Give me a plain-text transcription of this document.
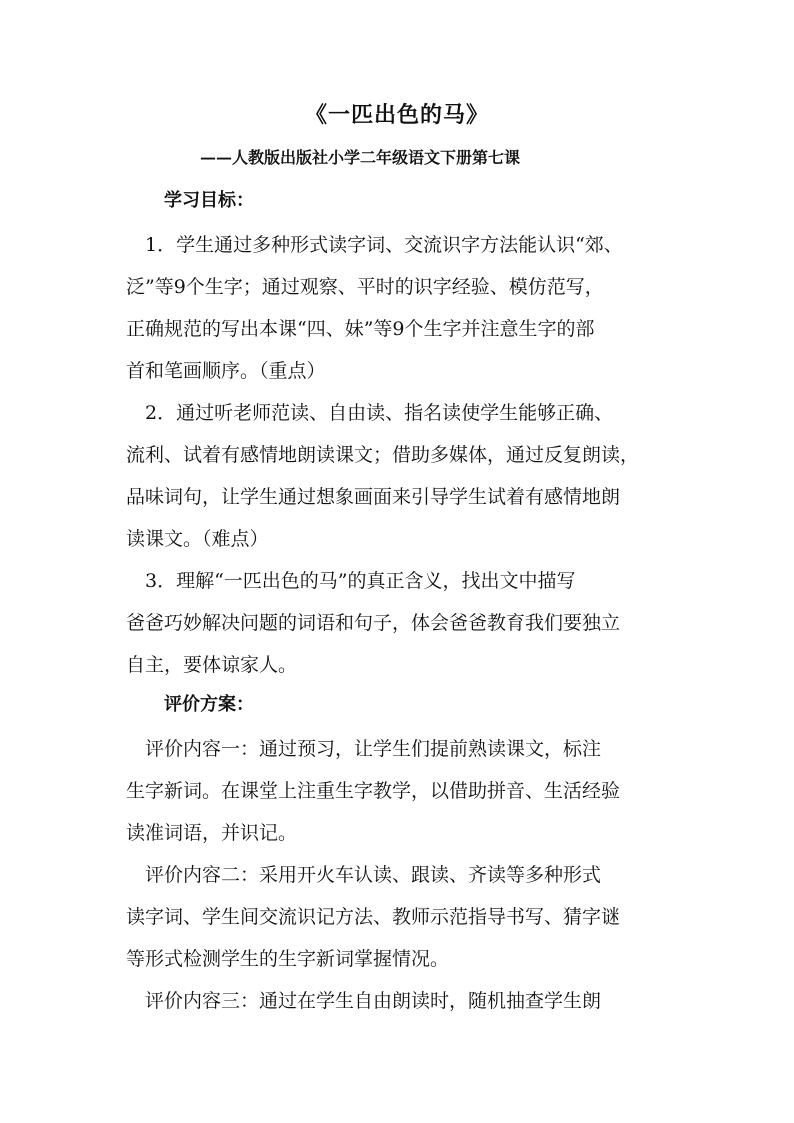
《一匹出色的马》
——人教版出版社小学二年级语文下册第七课
学习目标：
　1．学生通过多种形式读字词、交流识字方法能认识“郊、
泛”等9个生字；通过观察、平时的识字经验、模仿范写，
正确规范的写出本课“四、妹”等9个生字并注意生字的部
首和笔画顺序。（重点）
　2．通过听老师范读、自由读、指名读使学生能够正确、
流利、试着有感情地朗读课文；借助多媒体，通过反复朗读，
品味词句，让学生通过想象画面来引导学生试着有感情地朗
读课文。（难点）
　3．理解“一匹出色的马”的真正含义，找出文中描写
爸爸巧妙解决问题的词语和句子，体会爸爸教育我们要独立
自主，要体谅家人。
评价方案：
　评价内容一：通过预习，让学生们提前熟读课文，标注
生字新词。在课堂上注重生字教学，以借助拼音、生活经验
读准词语，并识记。
　评价内容二：采用开火车认读、跟读、齐读等多种形式
读字词、学生间交流识记方法、教师示范指导书写、猜字谜
等形式检测学生的生字新词掌握情况。
　评价内容三：通过在学生自由朗读时，随机抽查学生朗
